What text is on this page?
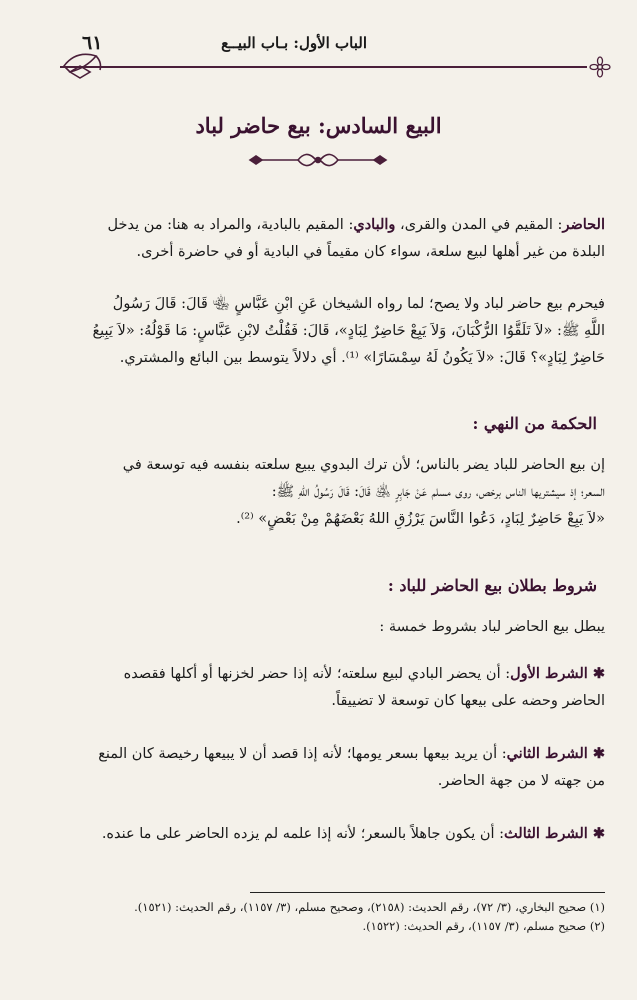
الباب الأول: بـاب البيــع
٦١
البيع السادس: بيع حاضر لباد
الحاضر: المقيم في المدن والقرى، والبادي: المقيم بالبادية، والمراد به هنا: من يدخل
البلدة من غير أهلها لبيع سلعة، سواء كان مقيماً في البادية أو في حاضرة أخرى.
فيحرم بيع حاضر لباد ولا يصح؛ لما رواه الشيخان عَنِ ابْنِ عَبَّاسٍ ﵄ قَالَ: قَالَ رَسُولُ
اللَّهِ ﷺ: «لاَ تَلَقَّوُا الرُّكْبَانَ، وَلاَ يَبِعْ حَاضِرٌ لِبَادٍ»، قَالَ: فَقُلْتُ لابْنِ عَبَّاسٍ: مَا قَوْلُهُ: «لاَ يَبِيعُ
حَاضِرٌ لِبَادٍ»؟ قَالَ: «لاَ يَكُونُ لَهُ سِمْسَارًا» ⁽¹⁾. أي دلالاً يتوسط بين البائع والمشتري.
الحكمة من النهي :
إن بيع الحاضر للباد يضر بالناس؛ لأن ترك البدوي يبيع سلعته بنفسه فيه توسعة في
السعر؛ إذ سيشتريها الناس برخص، روى مسلم عَنْ جَابِرٍ ﵁ قَالَ: قَالَ رَسُولُ اللهِ ﷺ:
«لاَ يَبِعْ حَاضِرٌ لِبَادٍ، دَعُوا النَّاسَ يَرْزُقِ اللهُ بَعْضَهُمْ مِنْ بَعْضٍ» ⁽²⁾.
شروط بطلان بيع الحاضر للباد :
يبطل بيع الحاضر لباد بشروط خمسة :
✱ الشرط الأول: أن يحضر البادي لبيع سلعته؛ لأنه إذا حضر لخزنها أو أكلها فقصده
الحاضر وحضه على بيعها كان توسعة لا تضييقاً.
✱ الشرط الثاني: أن يريد بيعها بسعر يومها؛ لأنه إذا قصد أن لا يبيعها رخيصة كان المنع
من جهته لا من جهة الحاضر.
✱ الشرط الثالث: أن يكون جاهلاً بالسعر؛ لأنه إذا علمه لم يزده الحاضر على ما عنده.
(١) صحيح البخاري، (٣/ ٧٢)، رقم الحديث: (٢١٥٨)، وصحيح مسلم، (٣/ ١١٥٧)، رقم الحديث: (١٥٢١).
(٢) صحيح مسلم، (٣/ ١١٥٧)، رقم الحديث: (١٥٢٢).
